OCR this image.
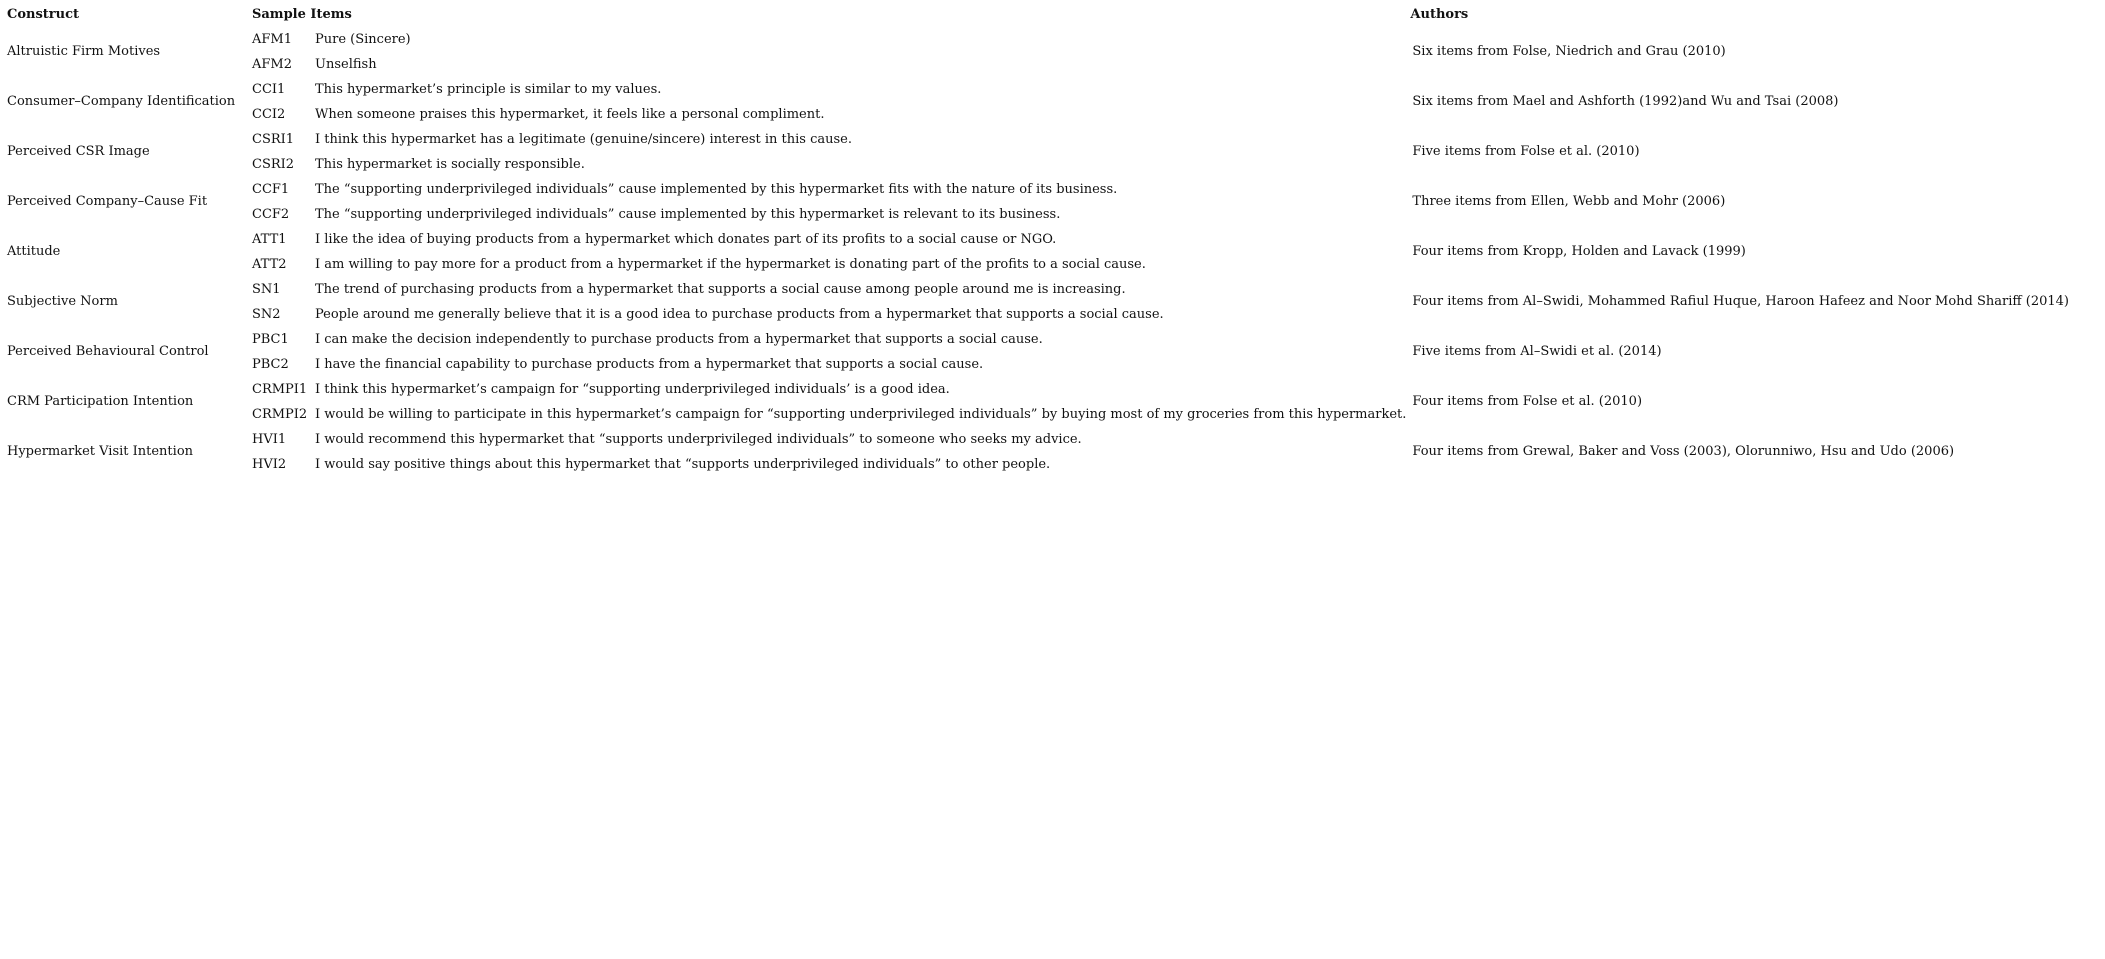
Construct	Sample Items		Authors
Altruistic Firm Motives	AFM1	Pure (Sincere)	Six items from Folse, Niedrich and Grau (2010)
	AFM2	Unselfish	
Consumer–Company Identification	CCI1	This hypermarket’s principle is similar to my values.	Six items from Mael and Ashforth (1992)and Wu and Tsai (2008)
	CCI2	When someone praises this hypermarket, it feels like a personal compliment.	
Perceived CSR Image	CSRI1	I think this hypermarket has a legitimate (genuine/sincere) interest in this cause.	Five items from Folse et al. (2010)
	CSRI2	This hypermarket is socially responsible.	
Perceived Company–Cause Fit	CCF1	The “supporting underprivileged individuals” cause implemented by this hypermarket fits with the nature of its business.	Three items from Ellen, Webb and Mohr (2006)
	CCF2	The “supporting underprivileged individuals” cause implemented by this hypermarket is relevant to its business.	
Attitude	ATT1	I like the idea of buying products from a hypermarket which donates part of its profits to a social cause or NGO.	Four items from Kropp, Holden and Lavack (1999)
	ATT2	I am willing to pay more for a product from a hypermarket if the hypermarket is donating part of the profits to a social cause.	
Subjective Norm	SN1	The trend of purchasing products from a hypermarket that supports a social cause among people around me is increasing.	Four items from Al–Swidi, Mohammed Rafiul Huque, Haroon Hafeez and Noor Mohd Shariff (2014)
	SN2	People around me generally believe that it is a good idea to purchase products from a hypermarket that supports a social cause.	
Perceived Behavioural Control	PBC1	I can make the decision independently to purchase products from a hypermarket that supports a social cause.	Five items from Al–Swidi et al. (2014)
	PBC2	I have the financial capability to purchase products from a hypermarket that supports a social cause.	
CRM Participation Intention	CRMPI1	I think this hypermarket’s campaign for “supporting underprivileged individuals’ is a good idea.	Four items from Folse et al. (2010)
	CRMPI2	I would be willing to participate in this hypermarket’s campaign for “supporting underprivileged individuals” by buying most of my groceries from this hypermarket.	
Hypermarket Visit Intention	HVI1	I would recommend this hypermarket that “supports underprivileged individuals” to someone who seeks my advice.	Four items from Grewal, Baker and Voss (2003), Olorunniwo, Hsu and Udo (2006)
	HVI2	I would say positive things about this hypermarket that “supports underprivileged individuals” to other people.	
